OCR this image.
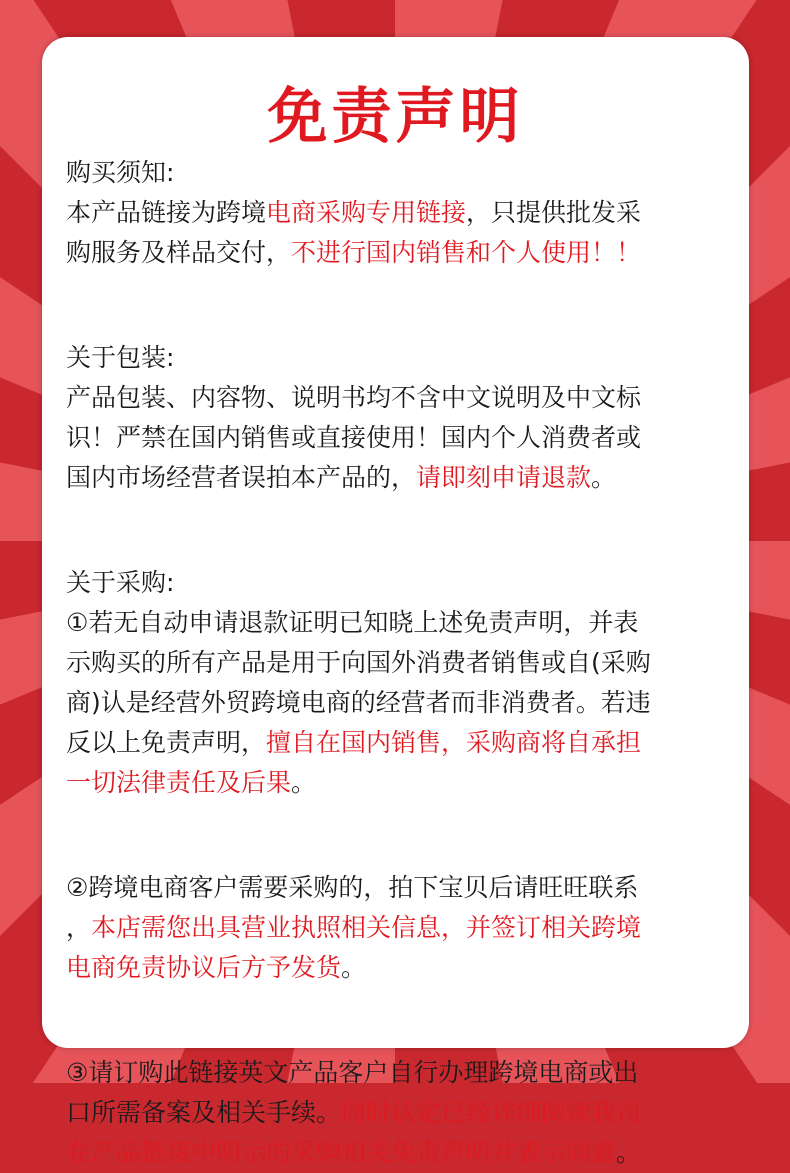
免责声明

购买须知:

本产品链接为跨境电商采购专用链接，只提供批发采

购服务及样品交付，不进行国内销售和个人使用！！

关于包装:

产品包装、内容物、说明书均不含中文说明及中文标

识！严禁在国内销售或直接使用！国内个人消费者或

国内市场经营者误拍本产品的，请即刻申请退款。

关于采购:

①若无自动申请退款证明已知晓上述免责声明，并表

示购买的所有产品是用于向国外消费者销售或自(采购

商)认是经营外贸跨境电商的经营者而非消费者。若违

反以上免责声明，擅自在国内销售，采购商将自承担

一切法律责任及后果。

②跨境电商客户需要采购的，拍下宝贝后请旺旺联系

，本店需您出具营业执照相关信息，并签订相关跨境

电商免责协议后方予发货。

③请订购此链接英文产品客户自行办理跨境电商或出

口所需备案及相关手续。同时认定已经详细阅读我司

在产品链接中明示的采购相关免责声明并表示同意。
